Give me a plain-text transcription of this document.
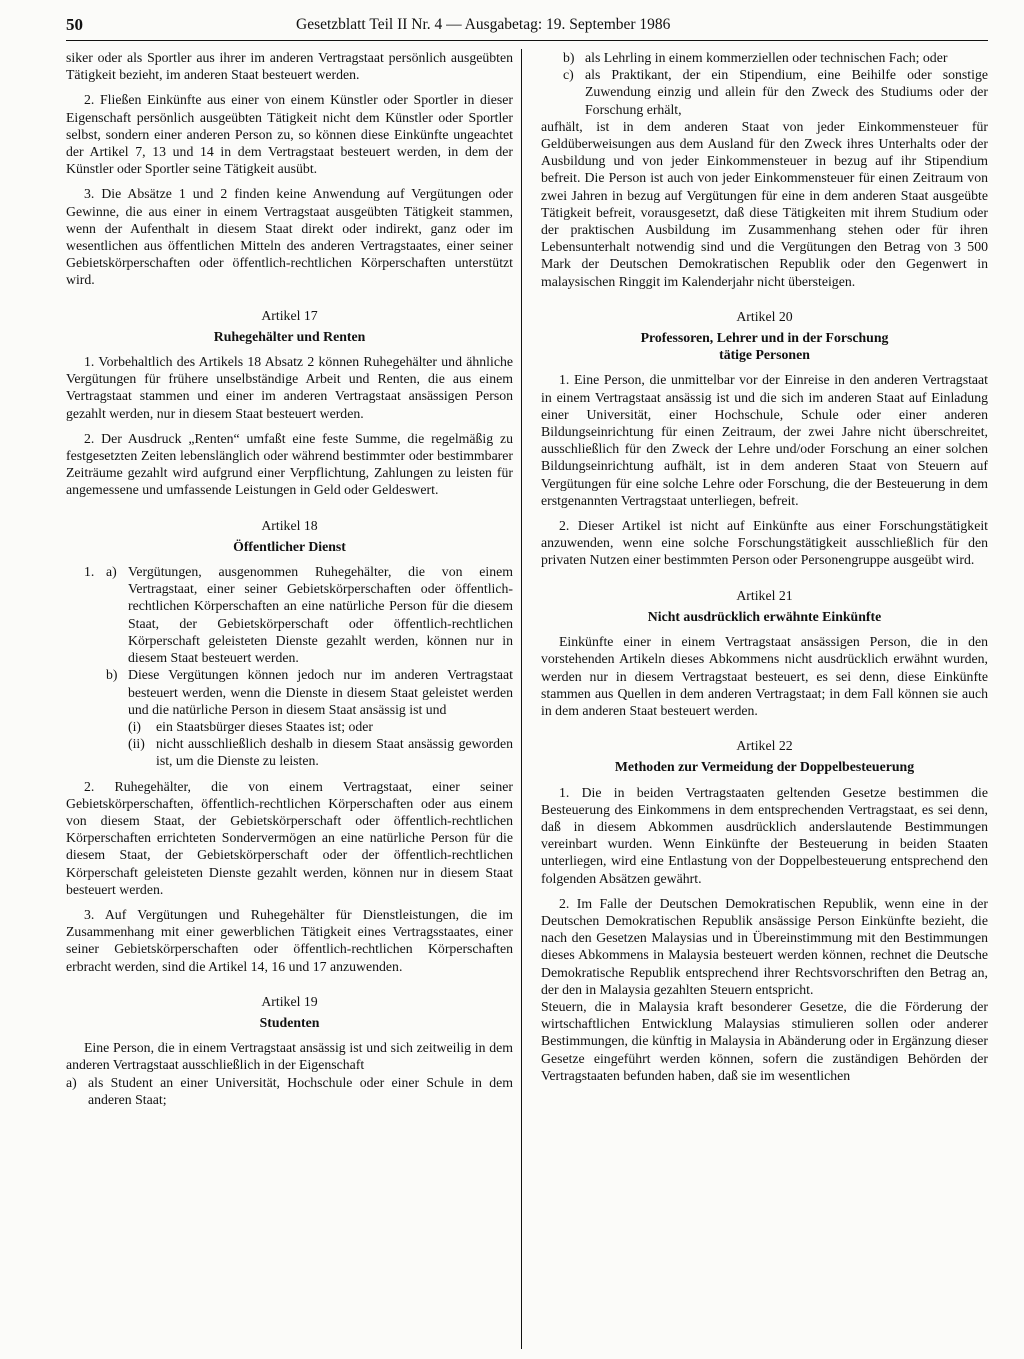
50	Gesetzblatt Teil II Nr. 4 — Ausgabetag: 19. September 1986

siker oder als Sportler aus ihrer im anderen Vertragstaat persönlich ausgeübten Tätigkeit bezieht, im anderen Staat besteuert werden.

2. Fließen Einkünfte aus einer von einem Künstler oder Sportler in dieser Eigenschaft persönlich ausgeübten Tätigkeit nicht dem Künstler oder Sportler selbst, sondern einer anderen Person zu, so können diese Einkünfte ungeachtet der Artikel 7, 13 und 14 in dem Vertragstaat besteuert werden, in dem der Künstler oder Sportler seine Tätigkeit ausübt.

3. Die Absätze 1 und 2 finden keine Anwendung auf Vergütungen oder Gewinne, die aus einer in einem Vertragstaat ausgeübten Tätigkeit stammen, wenn der Aufenthalt in diesem Staat direkt oder indirekt, ganz oder im wesentlichen aus öffentlichen Mitteln des anderen Vertragstaates, einer seiner Gebietskörperschaften oder öffentlich-rechtlichen Körperschaften unterstützt wird.

Artikel 17

Ruhegehälter und Renten

1. Vorbehaltlich des Artikels 18 Absatz 2 können Ruhegehälter und ähnliche Vergütungen für frühere unselbständige Arbeit und Renten, die aus einem Vertragstaat stammen und einer im anderen Vertragstaat ansässigen Person gezahlt werden, nur in diesem Staat besteuert werden.

2. Der Ausdruck „Renten“ umfaßt eine feste Summe, die regelmäßig zu festgesetzten Zeiten lebenslänglich oder während bestimmter oder bestimmbarer Zeiträume gezahlt wird aufgrund einer Verpflichtung, Zahlungen zu leisten für angemessene und umfassende Leistungen in Geld oder Geldeswert.

Artikel 18

Öffentlicher Dienst

1. a) Vergütungen, ausgenommen Ruhegehälter, die von einem Vertragstaat, einer seiner Gebietskörperschaften oder öffentlich-rechtlichen Körperschaften an eine natürliche Person für die diesem Staat, der Gebietskörperschaft oder öffentlich-rechtlichen Körperschaft geleisteten Dienste gezahlt werden, können nur in diesem Staat besteuert werden.
b) Diese Vergütungen können jedoch nur im anderen Vertragstaat besteuert werden, wenn die Dienste in diesem Staat geleistet werden und die natürliche Person in diesem Staat ansässig ist und
(i)	ein Staatsbürger dieses Staates ist; oder
(ii) nicht ausschließlich deshalb in diesem Staat ansässig geworden ist, um die Dienste zu leisten.

2. Ruhegehälter, die von einem Vertragstaat, einer seiner Gebietskörperschaften, öffentlich-rechtlichen Körperschaften oder aus einem von diesem Staat, der Gebietskörperschaft oder öffentlich-rechtlichen Körperschaften errichteten Sondervermögen an eine natürliche Person für die diesem Staat, der Gebietskörperschaft oder der öffentlich-rechtlichen Körperschaft geleisteten Dienste gezahlt werden, können nur in diesem Staat besteuert werden.

3. Auf Vergütungen und Ruhegehälter für Dienstleistungen, die im Zusammenhang mit einer gewerblichen Tätigkeit eines Vertragsstaates, einer seiner Gebietskörperschaften oder öffentlich-rechtlichen Körperschaften erbracht werden, sind die Artikel 14, 16 und 17 anzuwenden.

Artikel 19

Studenten

Eine Person, die in einem Vertragstaat ansässig ist und sich zeitweilig in dem anderen Vertragstaat ausschließlich in der Eigenschaft

a) als Student an einer Universität, Hochschule oder einer Schule in dem anderen Staat;
b) als Lehrling in einem kommerziellen oder technischen Fach; oder
c) als Praktikant, der ein Stipendium, eine Beihilfe oder sonstige Zuwendung einzig und allein für den Zweck des Studiums oder der Forschung erhält,

aufhält, ist in dem anderen Staat von jeder Einkommensteuer für Geldüberweisungen aus dem Ausland für den Zweck ihres Unterhalts oder der Ausbildung und von jeder Einkommensteuer in bezug auf ihr Stipendium befreit. Die Person ist auch von jeder Einkommensteuer für einen Zeitraum von zwei Jahren in bezug auf Vergütungen für eine in dem anderen Staat ausgeübte Tätigkeit befreit, vorausgesetzt, daß diese Tätigkeiten mit ihrem Studium oder der praktischen Ausbildung im Zusammenhang stehen oder für ihren Lebensunterhalt notwendig sind und die Vergütungen den Betrag von 3 500 Mark der Deutschen Demokratischen Republik oder den Gegenwert in malaysischen Ringgit im Kalenderjahr nicht übersteigen.

Artikel 20

Professoren, Lehrer und in der Forschung

tätige Personen

1. Eine Person, die unmittelbar vor der Einreise in den anderen Vertragstaat in einem Vertragstaat ansässig ist und die sich im anderen Staat auf Einladung einer Universität, einer Hochschule, Schule oder einer anderen Bildungseinrichtung für einen Zeitraum, der zwei Jahre nicht überschreitet, ausschließlich für den Zweck der Lehre und/oder Forschung an einer solchen Bildungseinrichtung aufhält, ist in dem anderen Staat von Steuern auf Vergütungen für eine solche Lehre oder Forschung, die der Besteuerung in dem erstgenannten Vertragstaat unterliegen, befreit.

2. Dieser Artikel ist nicht auf Einkünfte aus einer Forschungstätigkeit anzuwenden, wenn eine solche Forschungstätigkeit ausschließlich für den privaten Nutzen einer bestimmten Person oder Personengruppe ausgeübt wird.

Artikel 21

Nicht ausdrücklich erwähnte Einkünfte

Einkünfte einer in einem Vertragstaat ansässigen Person, die in den vorstehenden Artikeln dieses Abkommens nicht ausdrücklich erwähnt wurden, werden nur in diesem Vertragstaat besteuert, es sei denn, diese Einkünfte stammen aus Quellen in dem anderen Vertragstaat; in dem Fall können sie auch in dem anderen Staat besteuert werden.

Artikel 22

Methoden zur Vermeidung der Doppelbesteuerung

1. Die in beiden Vertragstaaten geltenden Gesetze bestimmen die Besteuerung des Einkommens in dem entsprechenden Vertragstaat, es sei denn, daß in diesem Abkommen ausdrücklich anderslautende Bestimmungen vereinbart wurden. Wenn Einkünfte der Besteuerung in beiden Staaten unterliegen, wird eine Entlastung von der Doppelbesteuerung entsprechend den folgenden Absätzen gewährt.

2. Im Falle der Deutschen Demokratischen Republik, wenn eine in der Deutschen Demokratischen Republik ansässige Person Einkünfte bezieht, die nach den Gesetzen Malaysias und in Übereinstimmung mit den Bestimmungen dieses Abkommens in Malaysia besteuert werden können, rechnet die Deutsche Demokratische Republik entsprechend ihrer Rechtsvorschriften den Betrag an, der den in Malaysia gezahlten Steuern entspricht.

Steuern, die in Malaysia kraft besonderer Gesetze, die die Förderung der wirtschaftlichen Entwicklung Malaysias stimulieren sollen oder anderer Bestimmungen, die künftig in Malaysia in Abänderung oder in Ergänzung dieser Gesetze eingeführt werden können, sofern die zuständigen Behörden der Vertragstaaten befunden haben, daß sie im wesentlichen
